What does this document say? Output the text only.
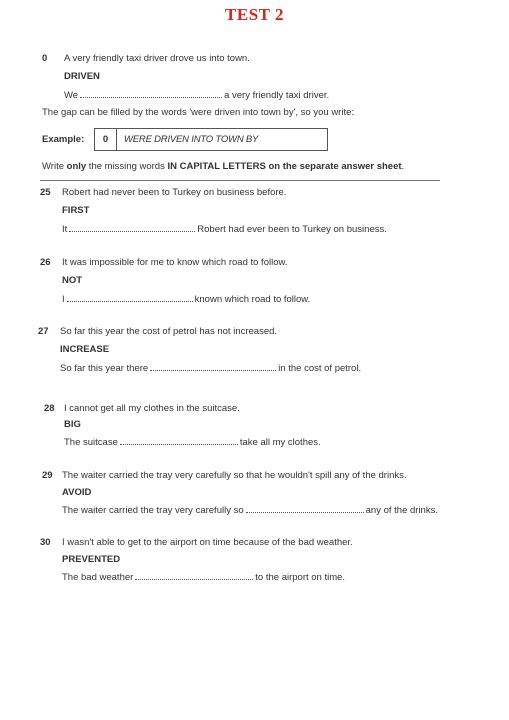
TEST 2
0 A very friendly taxi driver drove us into town.
DRIVEN
We	a very friendly taxi driver.
The gap can be filled by the words 'were driven into town by', so you write:
Example:	0	WERE DRIVEN INTO TOWN BY
Write only the missing words IN CAPITAL LETTERS on the separate answer sheet.
25 Robert had never been to Turkey on business before.
FIRST
It	Robert had ever been to Turkey on business.
26 It was impossible for me to know which road to follow.
NOT
I	known which road to follow.
27 So far this year the cost of petrol has not increased.
INCREASE
So far this year there	in the cost of petrol.
28 I cannot get all my clothes in the suitcase.
BIG
The suitcase	take all my clothes.
29 The waiter carried the tray very carefully so that he wouldn't spill any of the drinks.
AVOID
The waiter carried the tray very carefully so	any of the drinks.
30 I wasn't able to get to the airport on time because of the bad weather.
PREVENTED
The bad weather	to the airport on time.
